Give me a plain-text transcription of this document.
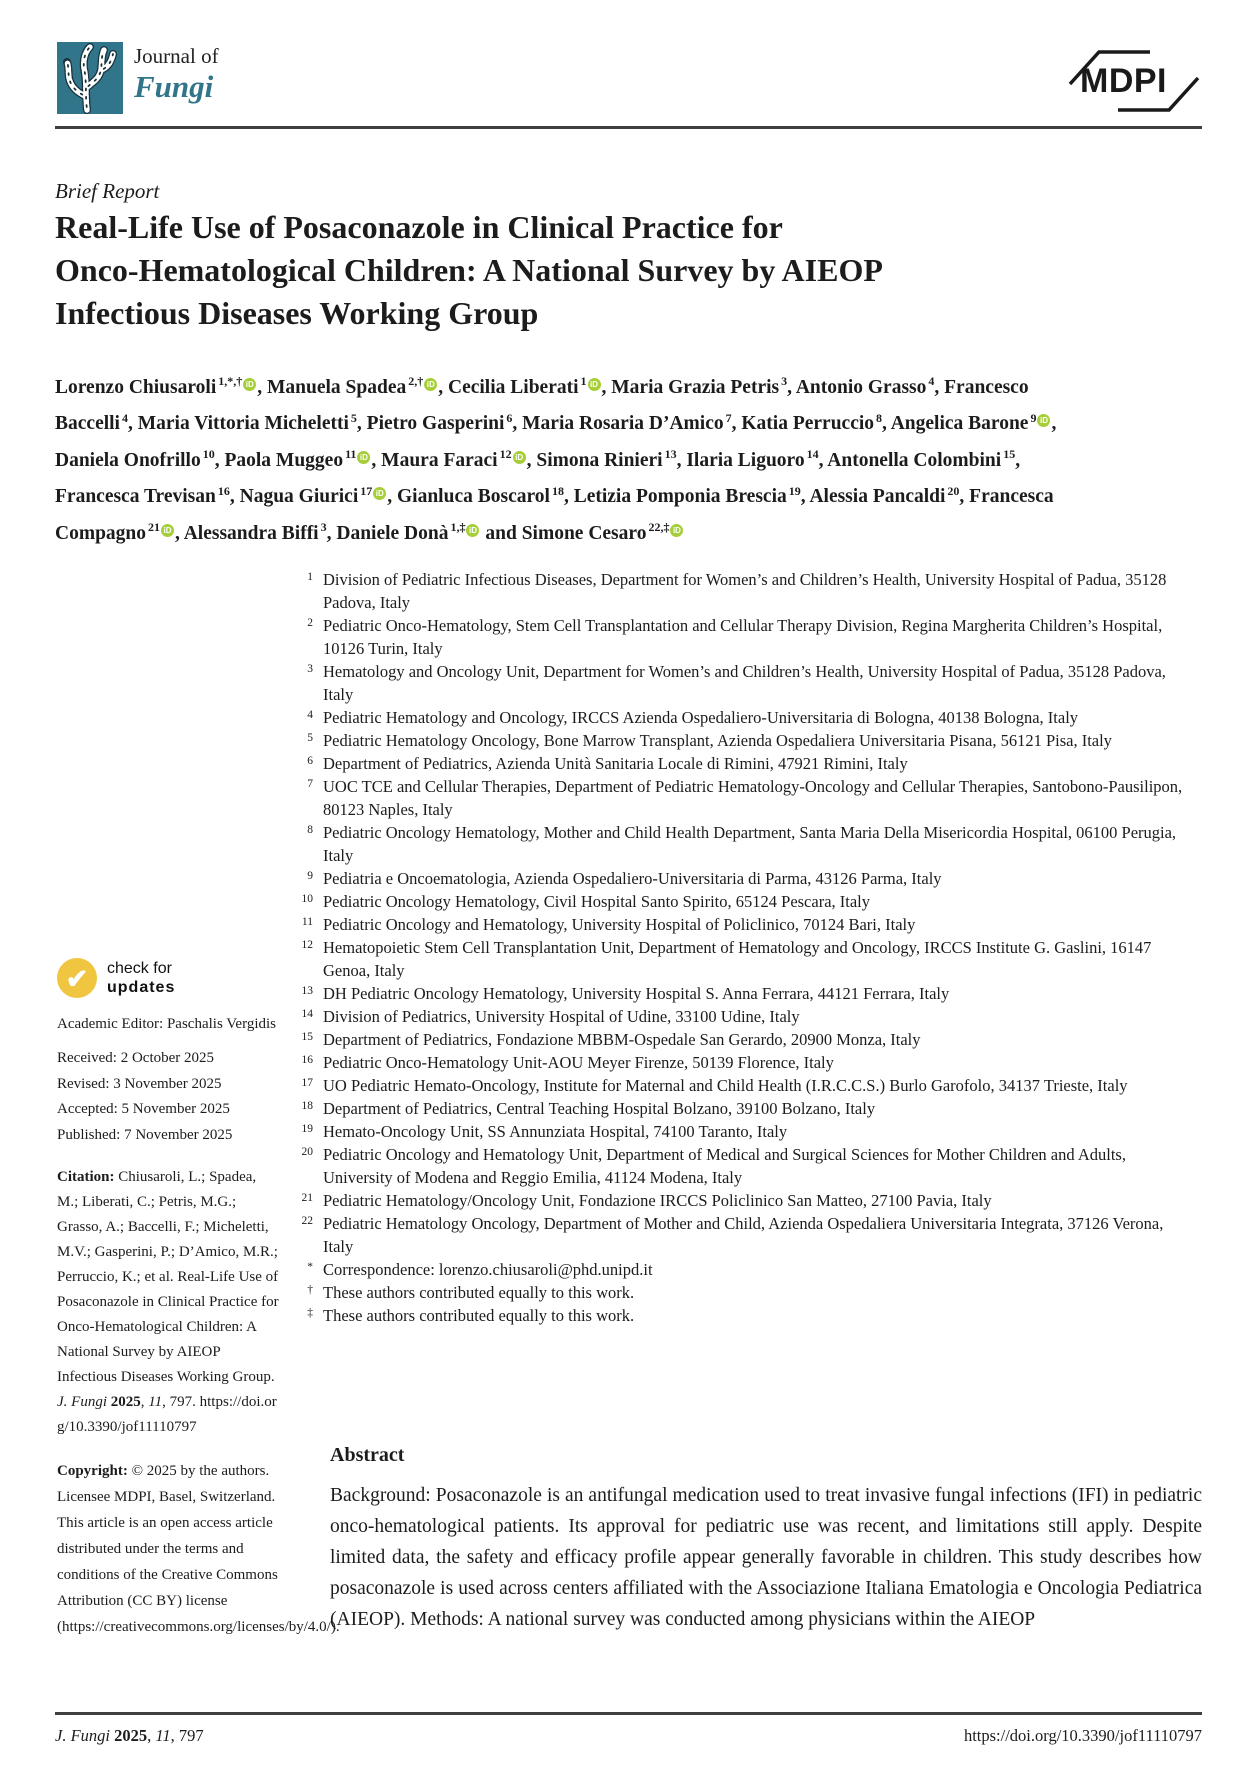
Journal of
Fungi	MDPI
Brief Report
Real-Life Use of Posaconazole in Clinical Practice for
Onco-Hematological Children: A National Survey by AIEOP
Infectious Diseases Working Group
Lorenzo Chiusaroli $^{1,*,\dagger}$ iD , Manuela Spadea $^{2,\dagger}$ iD , Cecilia Liberati $^1$ iD , Maria Grazia Petris $^3$, Antonio Grasso $^4$, Francesco Baccelli $^4$, Maria Vittoria Micheletti $^5$, Pietro Gasperini $^6$, Maria Rosaria D’Amico $^7$, Katia Perruccio $^8$, Angelica Barone $^9$ iD , Daniela Onofrillo $^{10}$, Paola Muggeo $^{11}$ iD , Maura Faraci $^{12}$ iD , Simona Rinieri $^{13}$, Ilaria Liguoro $^{14}$, Antonella Colombini $^{15}$, Francesca Trevisan $^{16}$, Nagua Giurici $^{17}$ iD , Gianluca Boscarol $^{18}$, Letizia Pomponia Brescia $^{19}$, Alessia Pancaldi $^{20}$, Francesca Compagno $^{21}$ iD , Alessandra Biffi $^3$, Daniele Donà $^{1,\ddagger}$ iD and Simone Cesaro $^{22,\ddagger}$ iD
1 Division of Pediatric Infectious Diseases, Department for Women’s and Children’s Health, University Hospital of Padua, 35128 Padova, Italy
2 Pediatric Onco-Hematology, Stem Cell Transplantation and Cellular Therapy Division, Regina Margherita Children’s Hospital, 10126 Turin, Italy
3 Hematology and Oncology Unit, Department for Women’s and Children’s Health, University Hospital of Padua, 35128 Padova, Italy
4 Pediatric Hematology and Oncology, IRCCS Azienda Ospedaliero-Universitaria di Bologna, 40138 Bologna, Italy
5 Pediatric Hematology Oncology, Bone Marrow Transplant, Azienda Ospedaliera Universitaria Pisana, 56121 Pisa, Italy
6 Department of Pediatrics, Azienda Unità Sanitaria Locale di Rimini, 47921 Rimini, Italy
7 UOC TCE and Cellular Therapies, Department of Pediatric Hematology-Oncology and Cellular Therapies, Santobono-Pausilipon, 80123 Naples, Italy
8 Pediatric Oncology Hematology, Mother and Child Health Department, Santa Maria Della Misericordia Hospital, 06100 Perugia, Italy
9 Pediatria e Oncoematologia, Azienda Ospedaliero-Universitaria di Parma, 43126 Parma, Italy
10 Pediatric Oncology Hematology, Civil Hospital Santo Spirito, 65124 Pescara, Italy
11 Pediatric Oncology and Hematology, University Hospital of Policlinico, 70124 Bari, Italy
12 Hematopoietic Stem Cell Transplantation Unit, Department of Hematology and Oncology, IRCCS Institute G. Gaslini, 16147 Genoa, Italy
13 DH Pediatric Oncology Hematology, University Hospital S. Anna Ferrara, 44121 Ferrara, Italy
14 Division of Pediatrics, University Hospital of Udine, 33100 Udine, Italy
15 Department of Pediatrics, Fondazione MBBM-Ospedale San Gerardo, 20900 Monza, Italy
16 Pediatric Onco-Hematology Unit-AOU Meyer Firenze, 50139 Florence, Italy
17 UO Pediatric Hemato-Oncology, Institute for Maternal and Child Health (I.R.C.C.S.) Burlo Garofolo, 34137 Trieste, Italy
18 Department of Pediatrics, Central Teaching Hospital Bolzano, 39100 Bolzano, Italy
19 Hemato-Oncology Unit, SS Annunziata Hospital, 74100 Taranto, Italy
20 Pediatric Oncology and Hematology Unit, Department of Medical and Surgical Sciences for Mother Children and Adults, University of Modena and Reggio Emilia, 41124 Modena, Italy
21 Pediatric Hematology/Oncology Unit, Fondazione IRCCS Policlinico San Matteo, 27100 Pavia, Italy
22 Pediatric Hematology Oncology, Department of Mother and Child, Azienda Ospedaliera Universitaria Integrata, 37126 Verona, Italy
* Correspondence: lorenzo.chiusaroli@phd.unipd.it
† These authors contributed equally to this work.
‡ These authors contributed equally to this work.
✔	check for
updates
Academic Editor: Paschalis Vergidis
Received: 2 October 2025
Revised: 3 November 2025
Accepted: 5 November 2025
Published: 7 November 2025
Citation: Chiusaroli, L.; Spadea, M.; Liberati, C.; Petris, M.G.; Grasso, A.; Baccelli, F.; Micheletti, M.V.; Gasperini, P.; D’Amico, M.R.; Perruccio, K.; et al. Real-Life Use of Posaconazole in Clinical Practice for Onco-Hematological Children: A National Survey by AIEOP Infectious Diseases Working Group. J. Fungi 2025, 11, 797. https://doi.org/10.3390/jof11110797
Copyright: © 2025 by the authors. Licensee MDPI, Basel, Switzerland. This article is an open access article distributed under the terms and conditions of the Creative Commons Attribution (CC BY) license (https://creativecommons.org/licenses/by/4.0/).
Abstract
Background: Posaconazole is an antifungal medication used to treat invasive fungal infections (IFI) in pediatric onco-hematological patients. Its approval for pediatric use was recent, and limitations still apply. Despite limited data, the safety and efficacy profile appear generally favorable in children. This study describes how posaconazole is used across centers affiliated with the Associazione Italiana Ematologia e Oncologia Pediatrica (AIEOP). Methods: A national survey was conducted among physicians within the AIEOP
J. Fungi 2025, 11, 797	https://doi.org/10.3390/jof11110797
